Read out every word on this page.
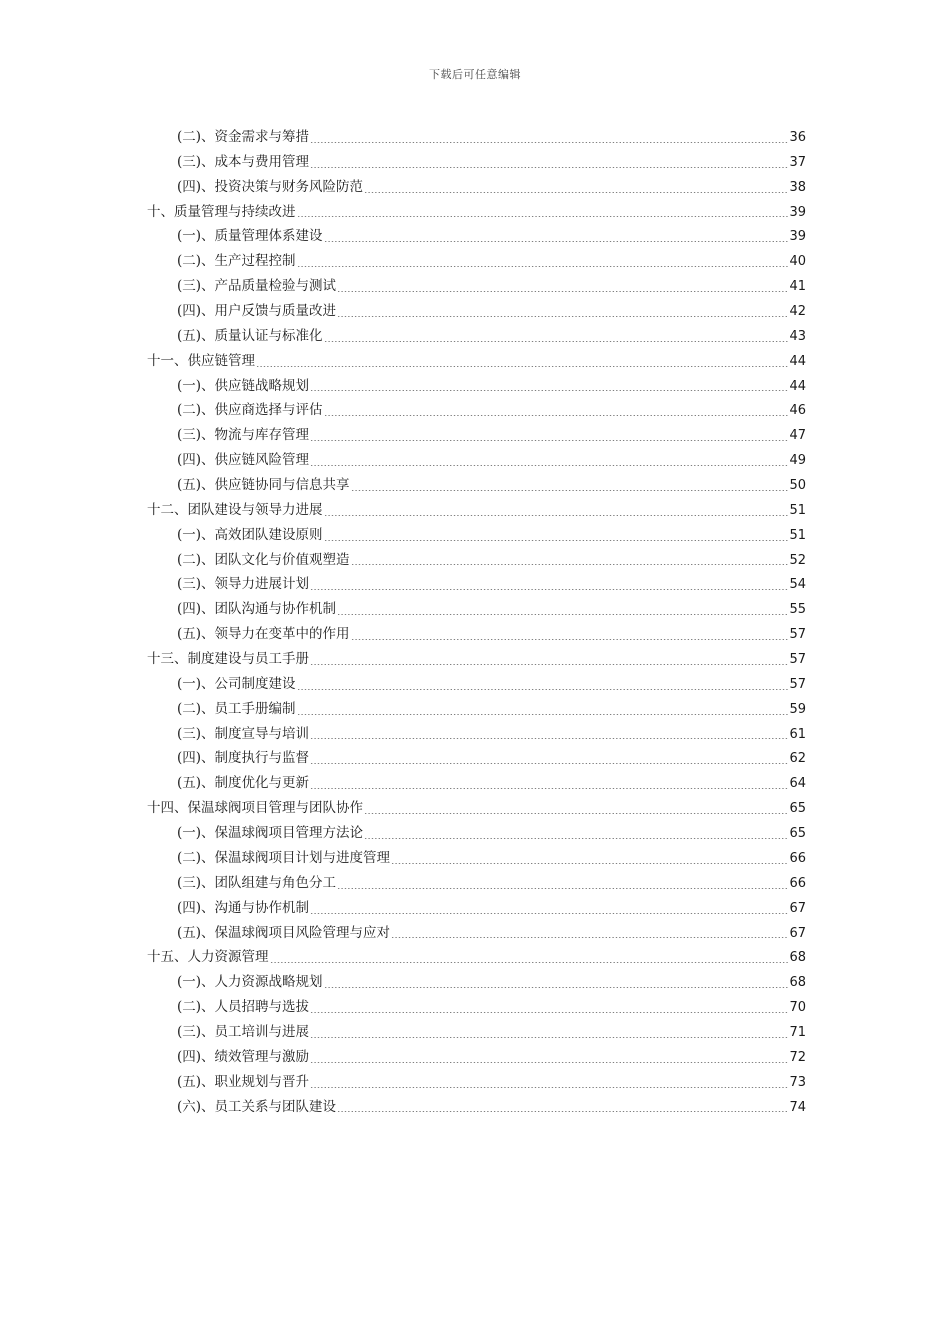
下载后可任意编辑
(二)、资金需求与筹措	36
(三)、成本与费用管理	37
(四)、投资决策与财务风险防范	38
十、质量管理与持续改进	39
(一)、质量管理体系建设	39
(二)、生产过程控制	40
(三)、产品质量检验与测试	41
(四)、用户反馈与质量改进	42
(五)、质量认证与标准化	43
十一、供应链管理	44
(一)、供应链战略规划	44
(二)、供应商选择与评估	46
(三)、物流与库存管理	47
(四)、供应链风险管理	49
(五)、供应链协同与信息共享	50
十二、团队建设与领导力进展	51
(一)、高效团队建设原则	51
(二)、团队文化与价值观塑造	52
(三)、领导力进展计划	54
(四)、团队沟通与协作机制	55
(五)、领导力在变革中的作用	57
十三、制度建设与员工手册	57
(一)、公司制度建设	57
(二)、员工手册编制	59
(三)、制度宣导与培训	61
(四)、制度执行与监督	62
(五)、制度优化与更新	64
十四、保温球阀项目管理与团队协作	65
(一)、保温球阀项目管理方法论	65
(二)、保温球阀项目计划与进度管理	66
(三)、团队组建与角色分工	66
(四)、沟通与协作机制	67
(五)、保温球阀项目风险管理与应对	67
十五、人力资源管理	68
(一)、人力资源战略规划	68
(二)、人员招聘与选拔	70
(三)、员工培训与进展	71
(四)、绩效管理与激励	72
(五)、职业规划与晋升	73
(六)、员工关系与团队建设	74
